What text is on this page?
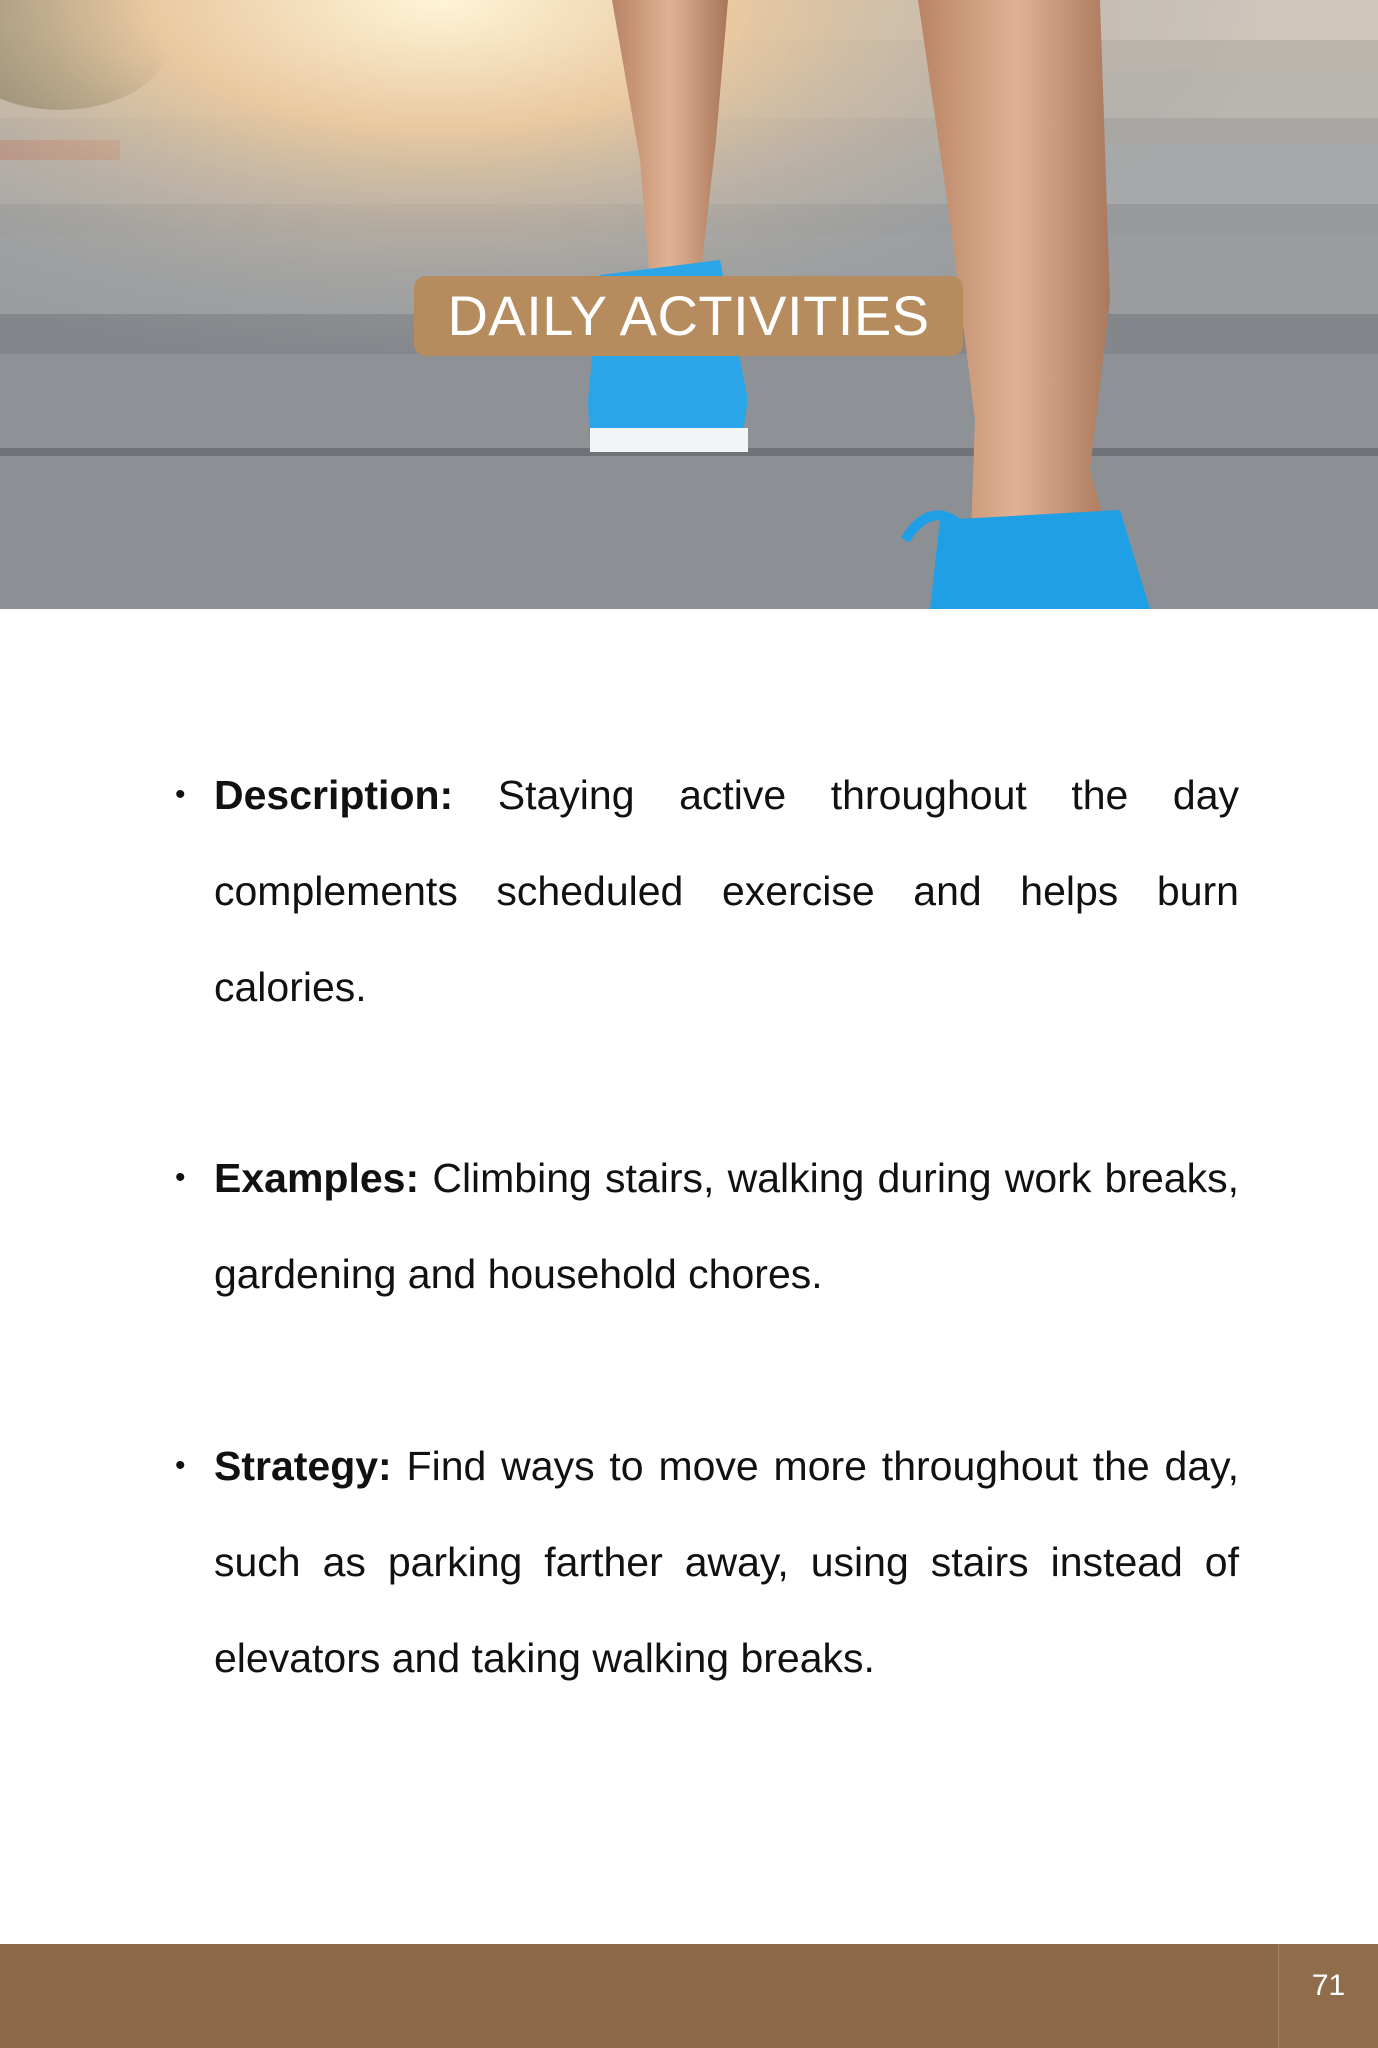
DAILY ACTIVITIES
• Description: Staying active throughout the day complements scheduled exercise and helps burn calories.
• Examples: Climbing stairs, walking during work breaks, gardening and household chores.
• Strategy: Find ways to move more throughout the day, such as parking farther away, using stairs instead of elevators and taking walking breaks.
71
